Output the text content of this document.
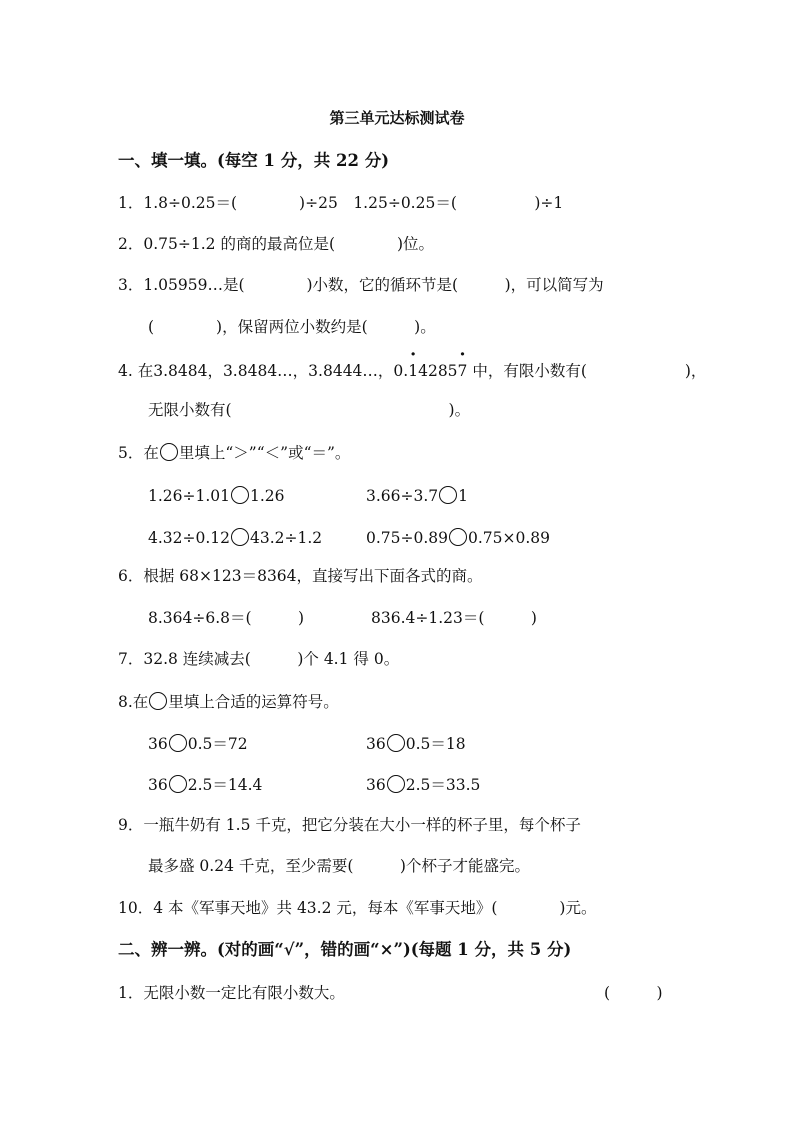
第三单元达标测试卷
一、填一填。(每空 1 分，共 22 分)
1．1.8÷0.25＝(　　　　)÷25　1.25÷0.25＝(　　　　　)÷1
2．0.75÷1.2 的商的最高位是(　　　　)位。
3．1.05959…是(　　　　)小数，它的循环节是(　　　)，可以简写为
(　　　　)，保留两位小数约是(　　　)。
4. 在3.8484，3.8484…，3.8444…，0.· 14285· 7 中，有限小数有(　　　　　　 )，
无限小数有(　　　　　　　　　　　　　　)。
5．在 里填上“＞”“＜”或“＝”。
1.26÷1.01 1.26	3.66÷3.7 1
4.32÷0.12 43.2÷1.2	0.75÷0.89 0.75×0.89
6．根据 68×123＝8364，直接写出下面各式的商。
8.364÷6.8＝(　　　)	836.4÷1.23＝(　　　)
7．32.8 连续减去(　　　)个 4.1 得 0。
8.在 里填上合适的运算符号。
36 0.5＝72	36 0.5＝18
36 2.5＝14.4	36 2.5＝33.5
9．一瓶牛奶有 1.5 千克，把它分装在大小一样的杯子里，每个杯子
最多盛 0.24 千克，至少需要(　　　)个杯子才能盛完。
10．4 本《军事天地》共 43.2 元，每本《军事天地》(　　　　)元。
二、辨一辨。(对的画“√”，错的画“×”)(每题 1 分，共 5 分)
1．无限小数一定比有限小数大。	(　　　)
